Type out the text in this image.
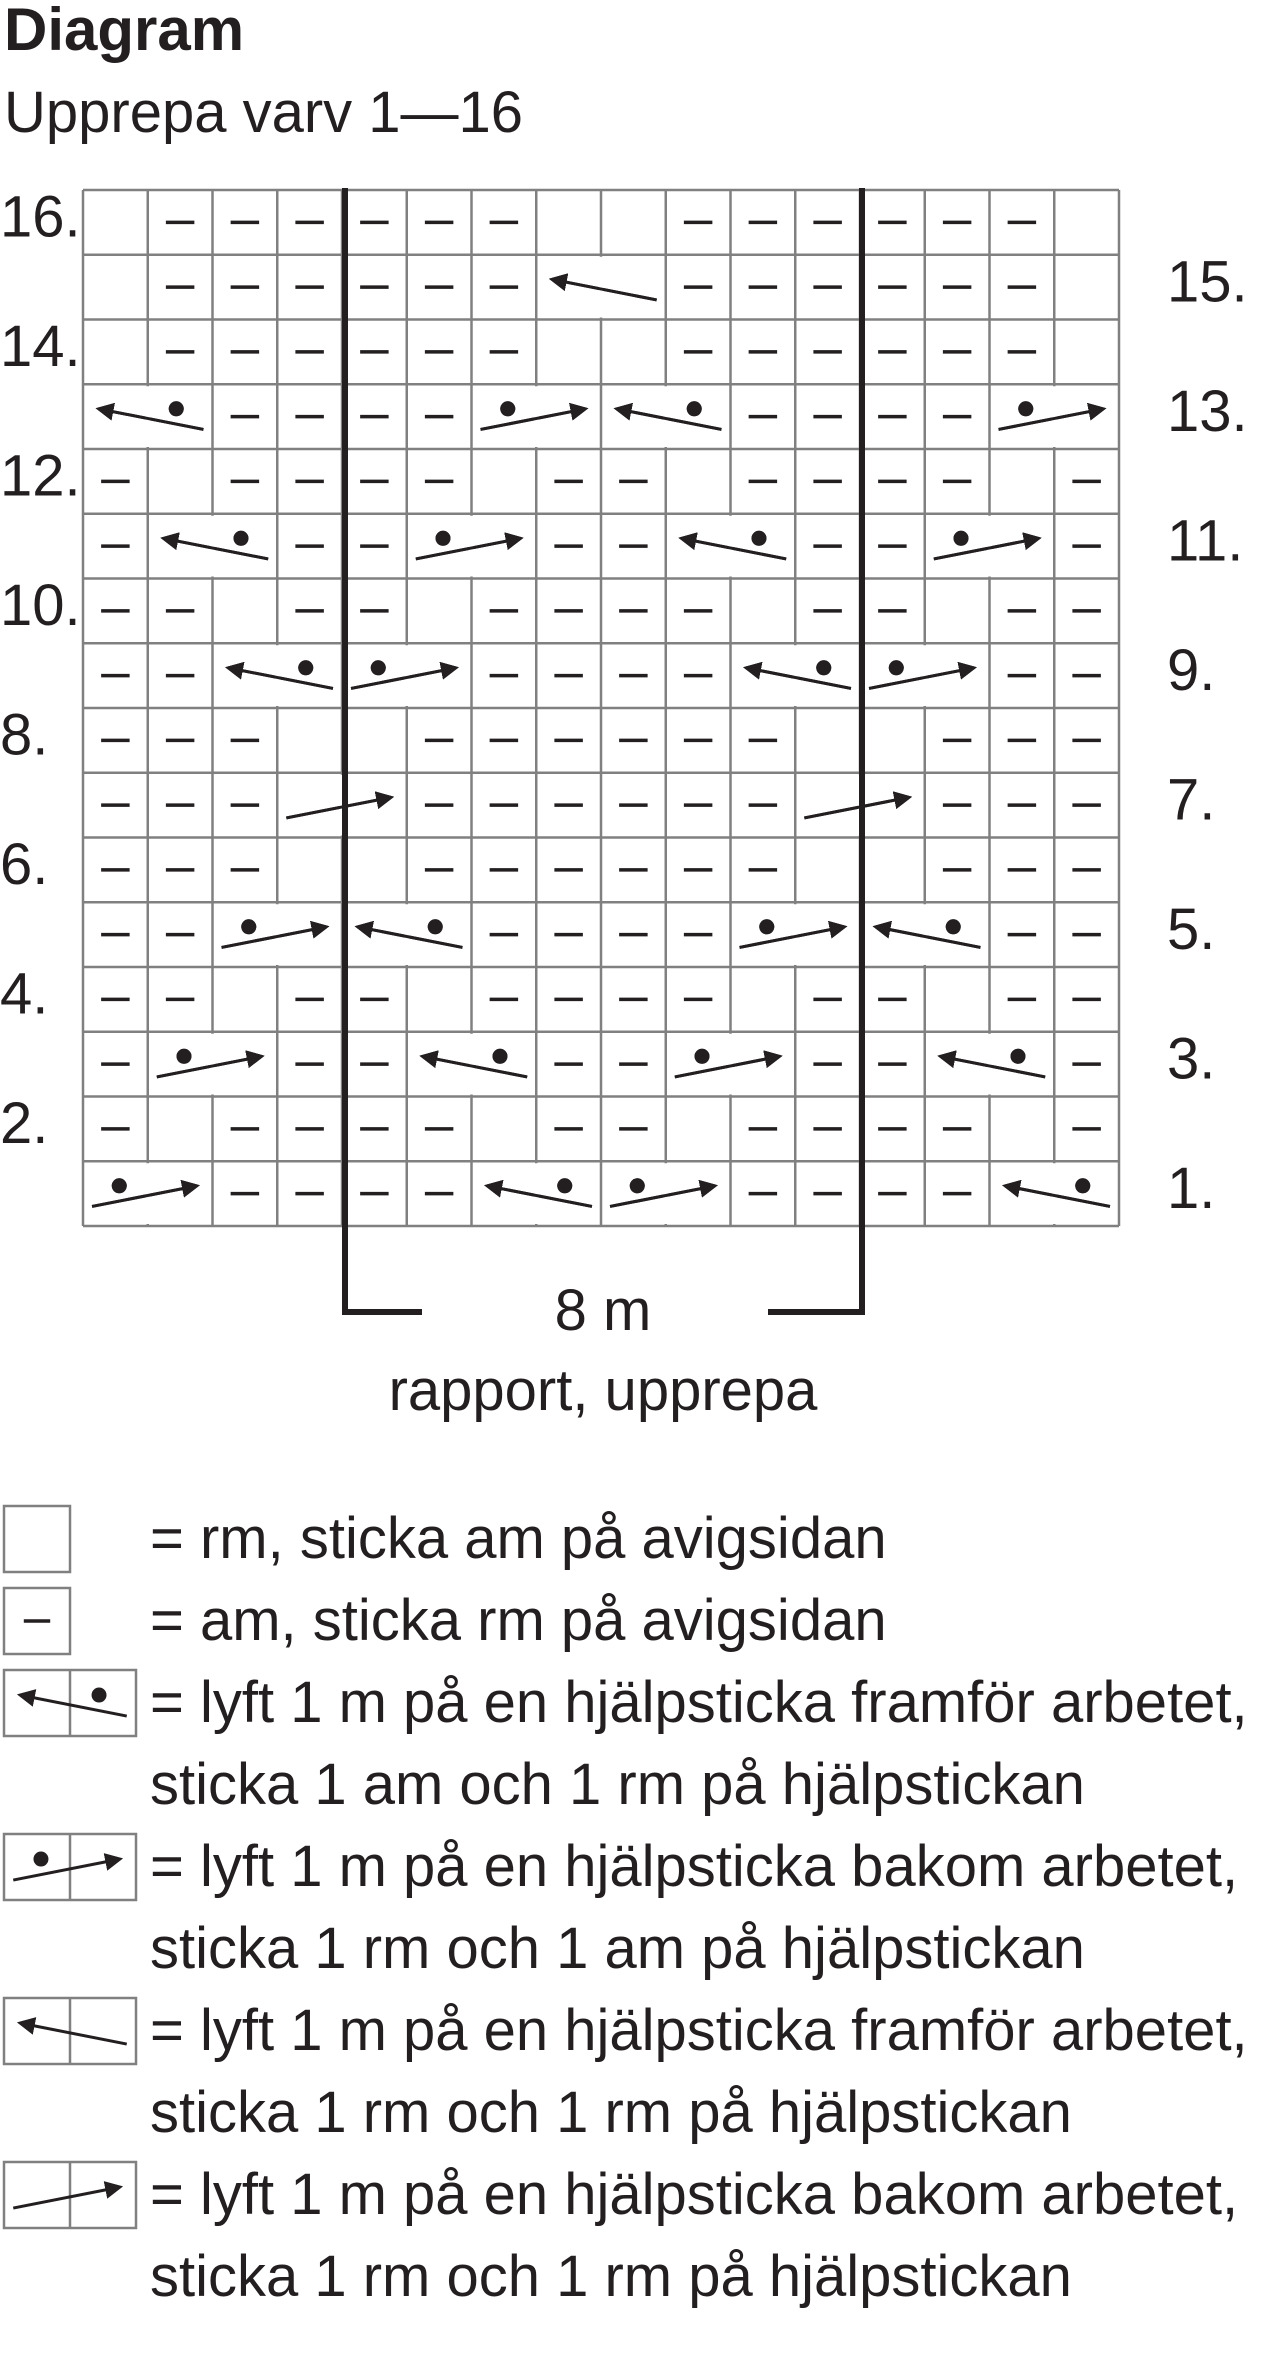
Diagram
Upprepa varv 1—16
8 m
rapport, upprepa
16.
14.
12.
10.
8.
6.
4.
2.
15.
13.
11.
9.
7.
5.
3.
1.
= rm, sticka am på avigsidan
= am, sticka rm på avigsidan
= lyft 1 m på en hjälpsticka framför arbetet,
sticka 1 am och 1 rm på hjälpstickan
= lyft 1 m på en hjälpsticka bakom arbetet,
sticka 1 rm och 1 am på hjälpstickan
= lyft 1 m på en hjälpsticka framför arbetet,
sticka 1 rm och 1 rm på hjälpstickan
= lyft 1 m på en hjälpsticka bakom arbetet,
sticka 1 rm och 1 rm på hjälpstickan
